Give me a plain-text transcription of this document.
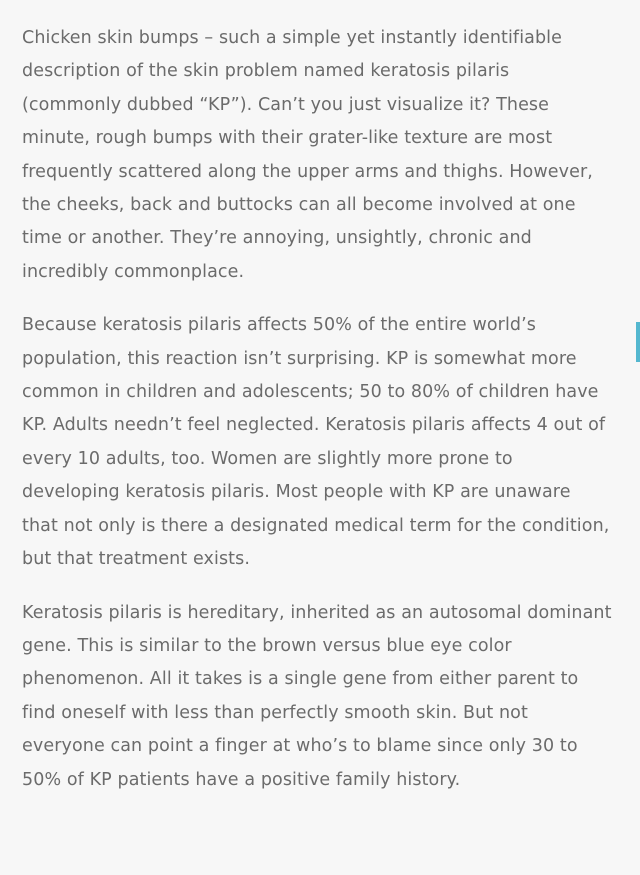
Chicken skin bumps – such a simple yet instantly identifiable description of the skin problem named keratosis pilaris (commonly dubbed “KP”). Can’t you just visualize it? These minute, rough bumps with their grater-like texture are most frequently scattered along the upper arms and thighs. However, the cheeks, back and buttocks can all become involved at one time or another. They’re annoying, unsightly, chronic and incredibly commonplace.

Because keratosis pilaris affects 50% of the entire world’s population, this reaction isn’t surprising. KP is somewhat more common in children and adolescents; 50 to 80% of children have KP. Adults needn’t feel neglected. Keratosis pilaris affects 4 out of every 10 adults, too. Women are slightly more prone to developing keratosis pilaris. Most people with KP are unaware that not only is there a designated medical term for the condition, but that treatment exists.

Keratosis pilaris is hereditary, inherited as an autosomal dominant gene. This is similar to the brown versus blue eye color phenomenon. All it takes is a single gene from either parent to find oneself with less than perfectly smooth skin. But not everyone can point a finger at who’s to blame since only 30 to 50% of KP patients have a positive family history.
